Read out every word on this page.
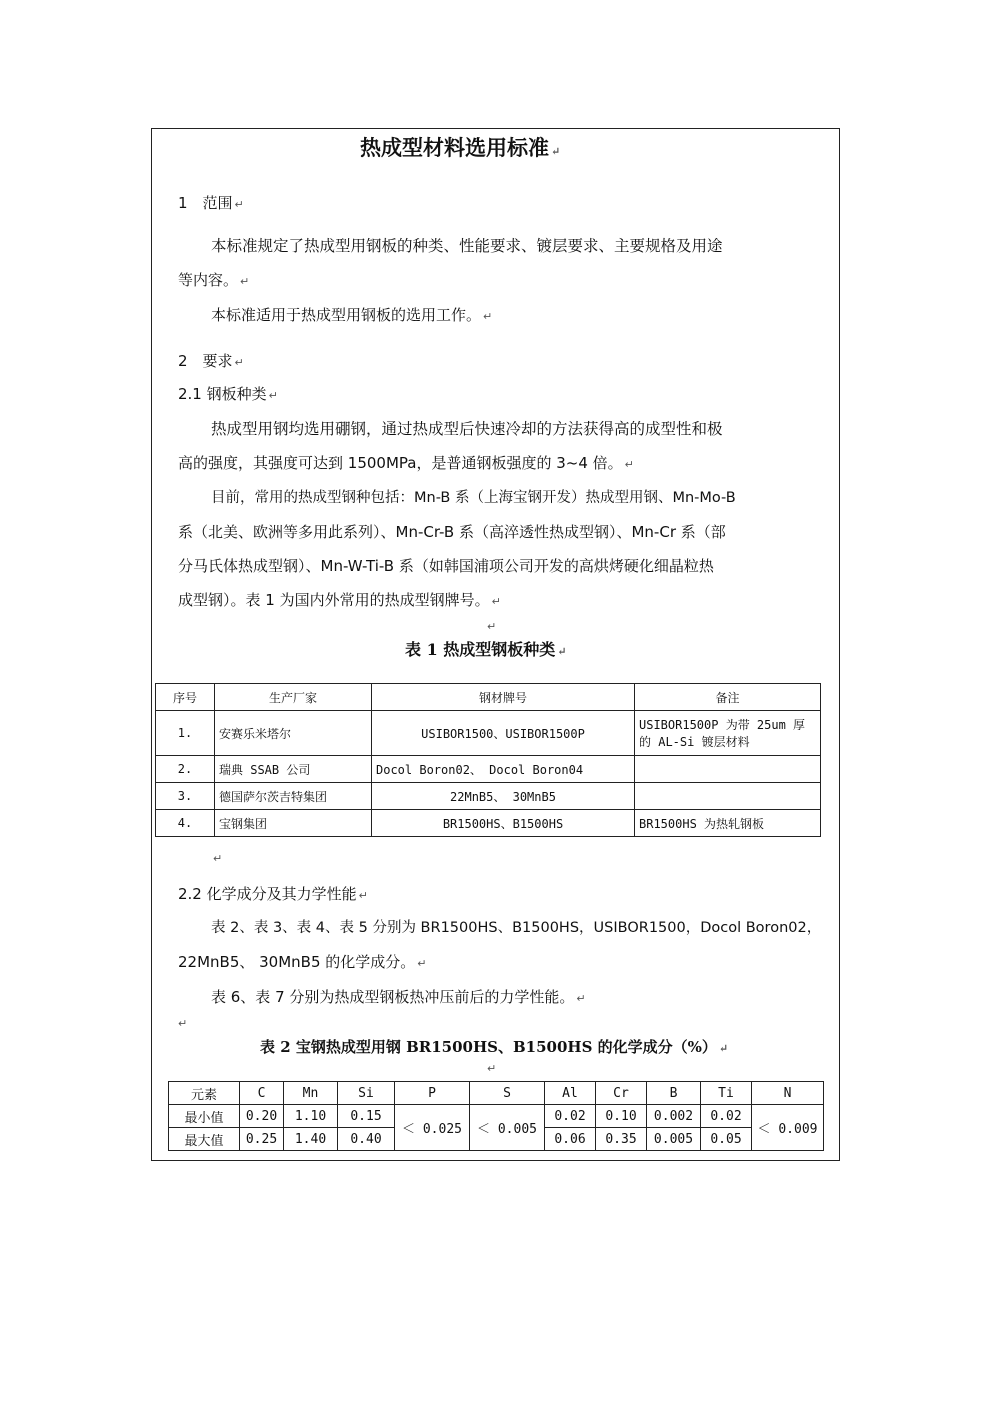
热成型材料选用标准 ↵
1　范围 ↵
本标准规定了热成型用钢板的种类、性能要求、镀层要求、主要规格及用途
等内容。 ↵
本标准适用于热成型用钢板的选用工作。 ↵
2　要求 ↵
2.1 钢板种类 ↵
热成型用钢均选用硼钢，通过热成型后快速冷却的方法获得高的成型性和极
高的强度，其强度可达到 1500MPa，是普通钢板强度的 3~4 倍。 ↵
目前，常用的热成型钢种包括：Mn-B 系（上海宝钢开发）热成型用钢、Mn-Mo-B
系（北美、欧洲等多用此系列）、Mn-Cr-B 系（高淬透性热成型钢）、Mn-Cr 系（部
分马氏体热成型钢）、Mn-W-Ti-B 系（如韩国浦项公司开发的高烘烤硬化细晶粒热
成型钢）。表 1 为国内外常用的热成型钢牌号。 ↵
↵
表 1 热成型钢板种类 ↵
序号	生产厂家	钢材牌号	备注
1.	安赛乐米塔尔	USIBOR1500、USIBOR1500P	USIBOR1500P 为带 25um 厚
的 AL-Si 镀层材料

2.	瑞典 SSAB 公司	Docol Boron02、 Docol Boron04	
3.	德国萨尔茨吉特集团	22MnB5、 30MnB5	
4.	宝钢集团	BR1500HS、B1500HS	BR1500HS 为热轧钢板
↵
2.2 化学成分及其力学性能 ↵
表 2、表 3、表 4、表 5 分别为 BR1500HS、B1500HS，USIBOR1500，Docol Boron02，
22MnB5、 30MnB5 的化学成分。 ↵
表 6、表 7 分别为热成型钢板热冲压前后的力学性能。 ↵
↵
表 2 宝钢热成型用钢 BR1500HS、B1500HS 的化学成分（%） ↵
↵
元素	C	Mn	Si	P	S	Al	Cr	B	Ti	N
最小值	0.20	1.10	0.15	＜ 0.025	＜ 0.005	0.02	0.10	0.002	0.02	＜ 0.009
最大值	0.25	1.40	0.40			0.06	0.35	0.005	0.05	
